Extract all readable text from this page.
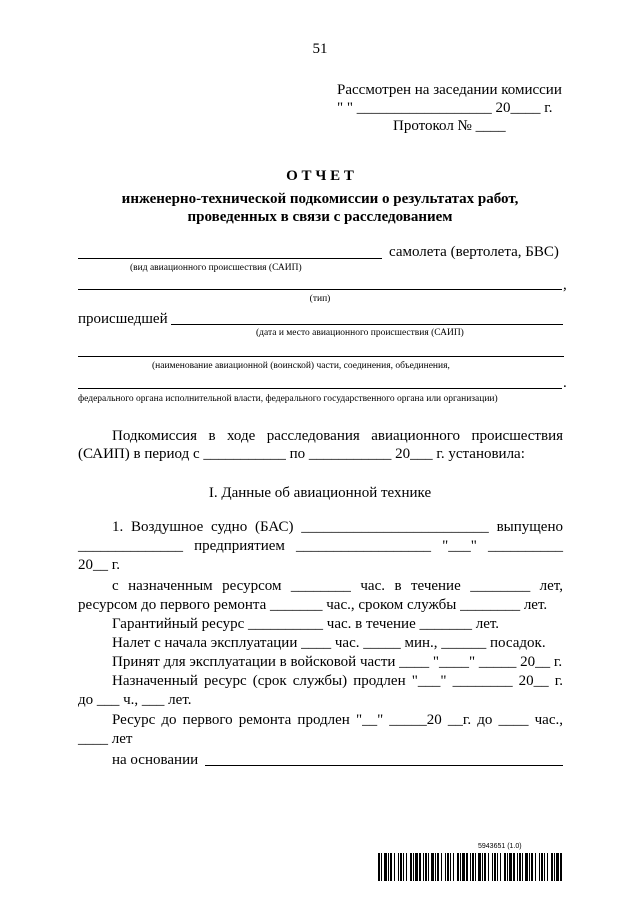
51
Рассмотрен на заседании комиссии
" " __________________ 20____ г.
Протокол № ____
О Т Ч Е Т
инженерно-технической подкомиссии о результатах работ,
проведенных в связи с расследованием
самолета (вертолета, БВС)
(вид авиационного происшествия (САИП)
,
(тип)
происшедшей
(дата и место авиационного происшествия (САИП)
(наименование авиационной (воинской) части, соединения, объединения,
.
федерального органа исполнительной власти, федерального государственного органа или организации)
Подкомиссия в ходе расследования авиационного происшествия
(САИП) в период с ___________ по ___________ 20___ г. установила:
I. Данные об авиационной технике
1. Воздушное судно (БАС) _________________________ выпущено
______________ предприятием __________________ "___" __________
20__ г.
с назначенным ресурсом ________ час. в течение ________ лет,
ресурсом до первого ремонта _______ час., сроком службы ________ лет.
Гарантийный ресурс __________ час. в течение _______ лет.
Налет с начала эксплуатации ____ час. _____ мин., ______ посадок.
Принят для эксплуатации в войсковой части ____ "____" _____ 20__ г.
Назначенный ресурс (срок службы) продлен "___" ________ 20__ г.
до ___ ч., ___ лет.
Ресурс до первого ремонта продлен "__" _____20 __г. до ____ час.,
____ лет
на основании
5943651 (1.0)
